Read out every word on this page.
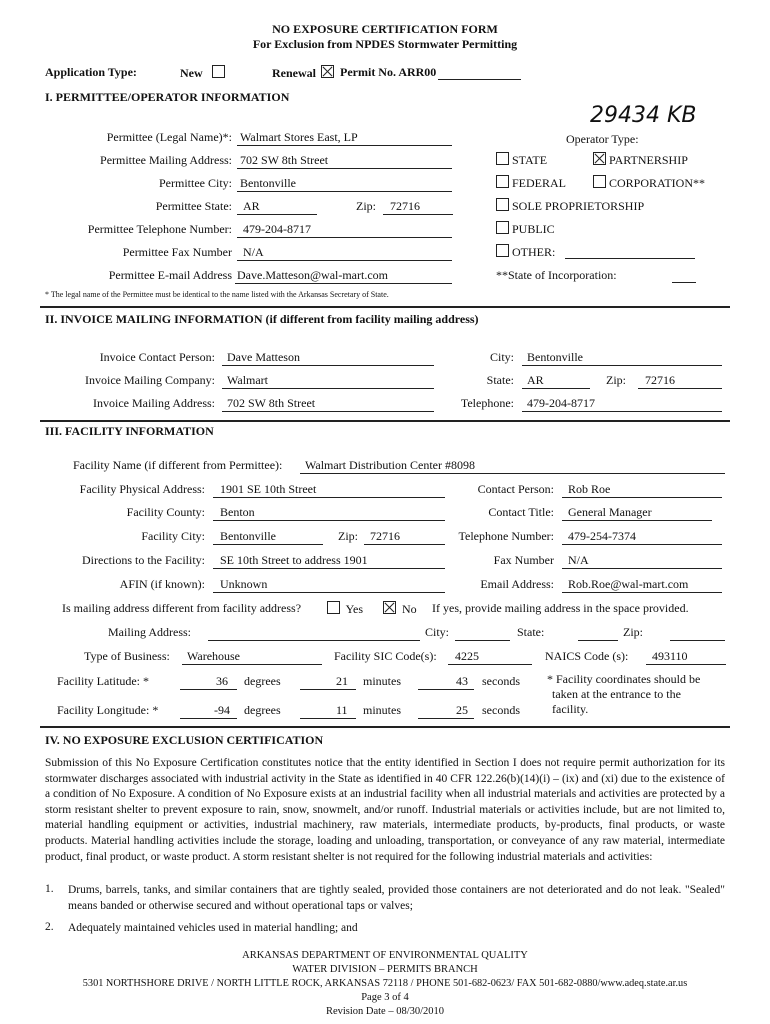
NO EXPOSURE CERTIFICATION FORM
For Exclusion from NPDES Stormwater Permitting
Application Type:	New	Renewal	Permit No. ARR00
I. PERMITTEE/OPERATOR INFORMATION
29434 KB
Permittee (Legal Name)*: Walmart Stores East, LP
Permittee Mailing Address: 702 SW 8th Street
Permittee City: Bentonville
Permittee State: AR	Zip: 72716
Permittee Telephone Number: 479-204-8717
Permittee Fax Number N/A
Permittee E-mail Address Dave.Matteson@wal-mart.com
* The legal name of the Permittee must be identical to the name listed with the Arkansas Secretary of State.
Operator Type:
STATE	PARTNERSHIP
FEDERAL	CORPORATION**
SOLE PROPRIETORSHIP
PUBLIC
OTHER:
**State of Incorporation:
II. INVOICE MAILING INFORMATION (if different from facility mailing address)
Invoice Contact Person: Dave Matteson
Invoice Mailing Company: Walmart
Invoice Mailing Address: 702 SW 8th Street
City: Bentonville
State: AR	Zip: 72716
Telephone: 479-204-8717
III. FACILITY INFORMATION
Facility Name (if different from Permittee): Walmart Distribution Center #8098
Facility Physical Address: 1901 SE 10th Street	Contact Person: Rob Roe
Facility County: Benton	Contact Title: General Manager
Facility City: Bentonville	Zip: 72716	Telephone Number: 479-254-7374
Directions to the Facility: SE 10th Street to address 1901	Fax Number N/A
AFIN (if known): Unknown	Email Address: Rob.Roe@wal-mart.com
Is mailing address different from facility address?	Yes	No If yes, provide mailing address in the space provided.
Mailing Address:	City:	State:	Zip:
Type of Business: Warehouse	Facility SIC Code(s): 4225	NAICS Code (s): 493110
Facility Latitude: *	36 degrees	21 minutes	43 seconds
Facility Longitude: *	-94 degrees	11 minutes	25 seconds
* Facility coordinates should be
taken at the entrance to the
facility.
IV. NO EXPOSURE EXCLUSION CERTIFICATION
Submission of this No Exposure Certification constitutes notice that the entity identified in Section I does not require permit authorization for its stormwater discharges associated with industrial activity in the State as identified in 40 CFR 122.26(b)(14)(i) – (ix) and (xi) due to the existence of a condition of No Exposure. A condition of No Exposure exists at an industrial facility when all industrial materials and activities are protected by a storm resistant shelter to prevent exposure to rain, snow, snowmelt, and/or runoff. Industrial materials or activities include, but are not limited to, material handling equipment or activities, industrial machinery, raw materials, intermediate products, by-products, final products, or waste products. Material handling activities include the storage, loading and unloading, transportation, or conveyance of any raw material, intermediate product, final product, or waste product. A storm resistant shelter is not required for the following industrial materials and activities:
1. Drums, barrels, tanks, and similar containers that are tightly sealed, provided those containers are not deteriorated and do not leak. "Sealed" means banded or otherwise secured and without operational taps or valves;
2. Adequately maintained vehicles used in material handling; and
ARKANSAS DEPARTMENT OF ENVIRONMENTAL QUALITY
WATER DIVISION – PERMITS BRANCH
5301 NORTHSHORE DRIVE / NORTH LITTLE ROCK, ARKANSAS 72118 / PHONE 501-682-0623/ FAX 501-682-0880/www.adeq.state.ar.us
Page 3 of 4
Revision Date – 08/30/2010
